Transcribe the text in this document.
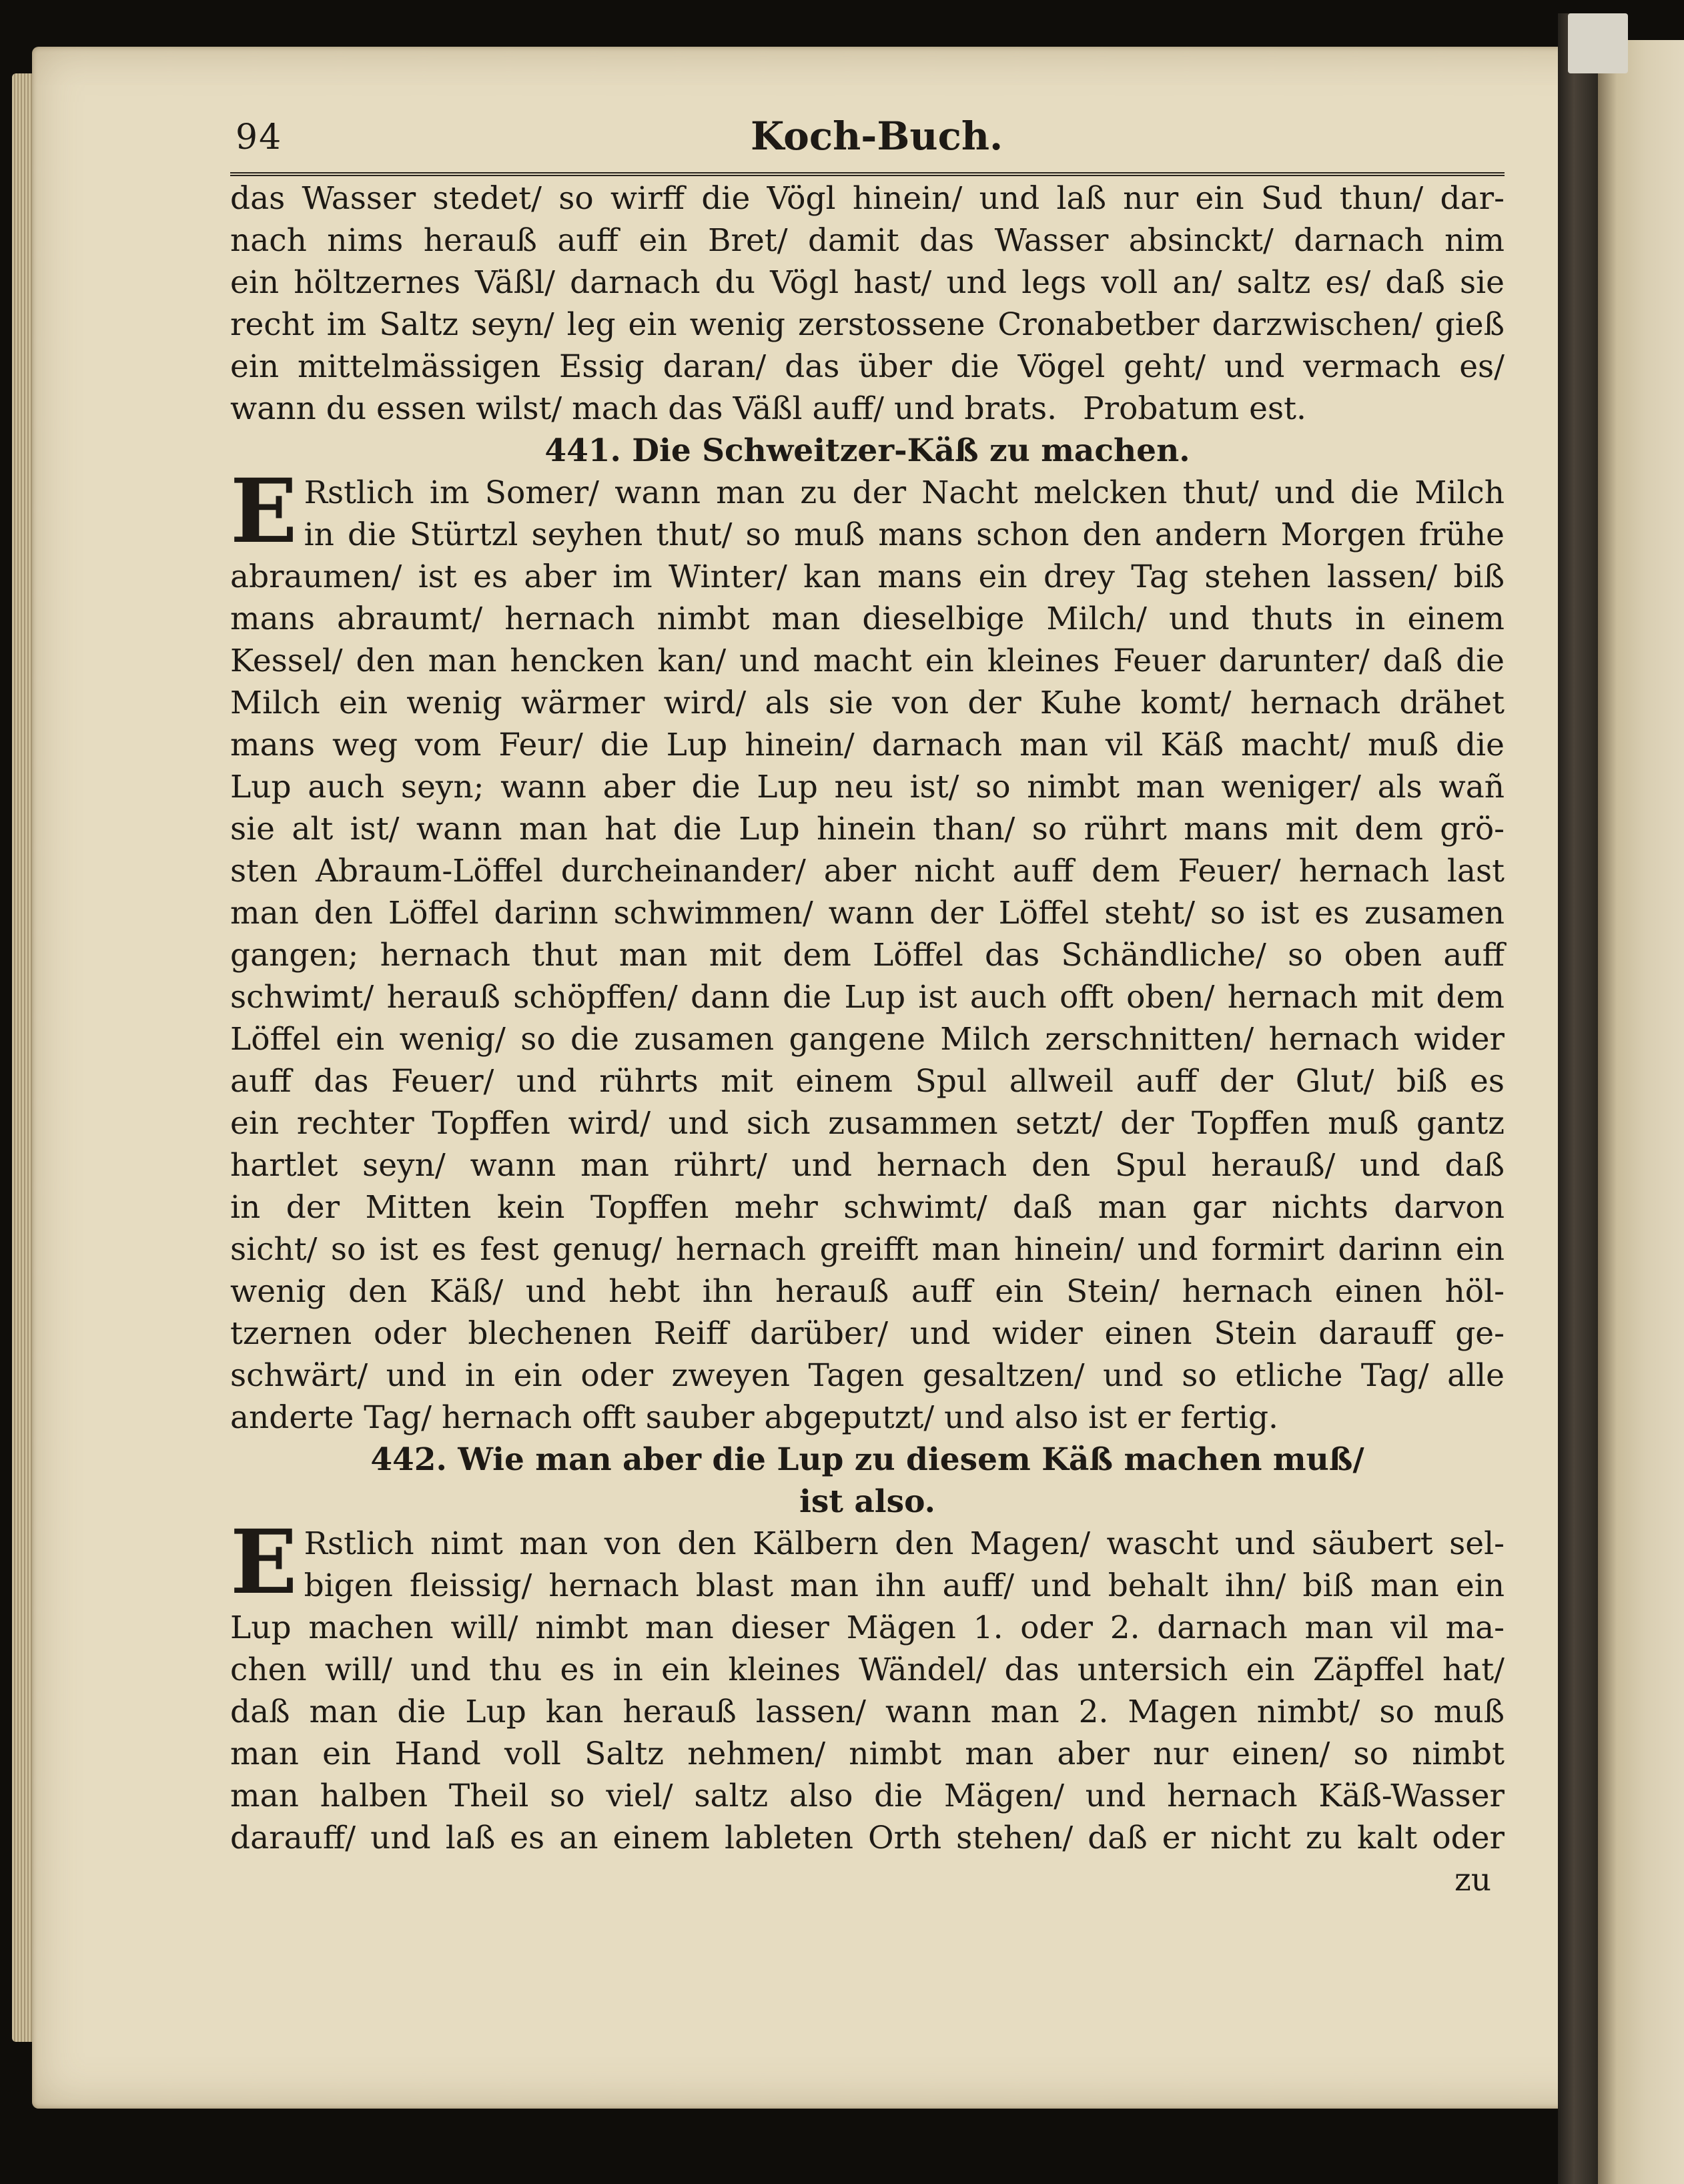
94	Koch-Buch.
das Wasser stedet/ so wirff die Vögl hinein/ und laß nur ein Sud thun/ dar-
nach nims herauß auff ein Bret/ damit das Wasser absinckt/ darnach nim
ein höltzernes Väßl/ darnach du Vögl hast/ und legs voll an/ saltz es/ daß sie
recht im Saltz seyn/ leg ein wenig zerstossene Cronabetber darzwischen/ gieß
ein mittelmässigen Essig daran/ das über die Vögel geht/ und vermach es/
wann du essen wilst/ mach das Väßl auff/ und brats. Probatum est.
441. Die Schweitzer-Käß zu machen.
E Rstlich im Somer/ wann man zu der Nacht melcken thut/ und die Milch
in die Stürtzl seyhen thut/ so muß mans schon den andern Morgen frühe
abraumen/ ist es aber im Winter/ kan mans ein drey Tag stehen lassen/ biß
mans abraumt/ hernach nimbt man dieselbige Milch/ und thuts in einem
Kessel/ den man hencken kan/ und macht ein kleines Feuer darunter/ daß die
Milch ein wenig wärmer wird/ als sie von der Kuhe komt/ hernach drähet
mans weg vom Feur/ die Lup hinein/ darnach man vil Käß macht/ muß die
Lup auch seyn; wann aber die Lup neu ist/ so nimbt man weniger/ als wañ
sie alt ist/ wann man hat die Lup hinein than/ so rührt mans mit dem grö-
sten Abraum-Löffel durcheinander/ aber nicht auff dem Feuer/ hernach last
man den Löffel darinn schwimmen/ wann der Löffel steht/ so ist es zusamen
gangen; hernach thut man mit dem Löffel das Schändliche/ so oben auff
schwimt/ herauß schöpffen/ dann die Lup ist auch offt oben/ hernach mit dem
Löffel ein wenig/ so die zusamen gangene Milch zerschnitten/ hernach wider
auff das Feuer/ und rührts mit einem Spul allweil auff der Glut/ biß es
ein rechter Topffen wird/ und sich zusammen setzt/ der Topffen muß gantz
hartlet seyn/ wann man rührt/ und hernach den Spul herauß/ und daß
in der Mitten kein Topffen mehr schwimt/ daß man gar nichts darvon
sicht/ so ist es fest genug/ hernach greifft man hinein/ und formirt darinn ein
wenig den Käß/ und hebt ihn herauß auff ein Stein/ hernach einen höl-
tzernen oder blechenen Reiff darüber/ und wider einen Stein darauff ge-
schwärt/ und in ein oder zweyen Tagen gesaltzen/ und so etliche Tag/ alle
anderte Tag/ hernach offt sauber abgeputzt/ und also ist er fertig.
442. Wie man aber die Lup zu diesem Käß machen muß/
ist also.
E Rstlich nimt man von den Kälbern den Magen/ wascht und säubert sel-
bigen fleissig/ hernach blast man ihn auff/ und behalt ihn/ biß man ein
Lup machen will/ nimbt man dieser Mägen 1. oder 2. darnach man vil ma-
chen will/ und thu es in ein kleines Wändel/ das untersich ein Zäpffel hat/
daß man die Lup kan herauß lassen/ wann man 2. Magen nimbt/ so muß
man ein Hand voll Saltz nehmen/ nimbt man aber nur einen/ so nimbt
man halben Theil so viel/ saltz also die Mägen/ und hernach Käß-Wasser
darauff/ und laß es an einem lableten Orth stehen/ daß er nicht zu kalt oder
zu
